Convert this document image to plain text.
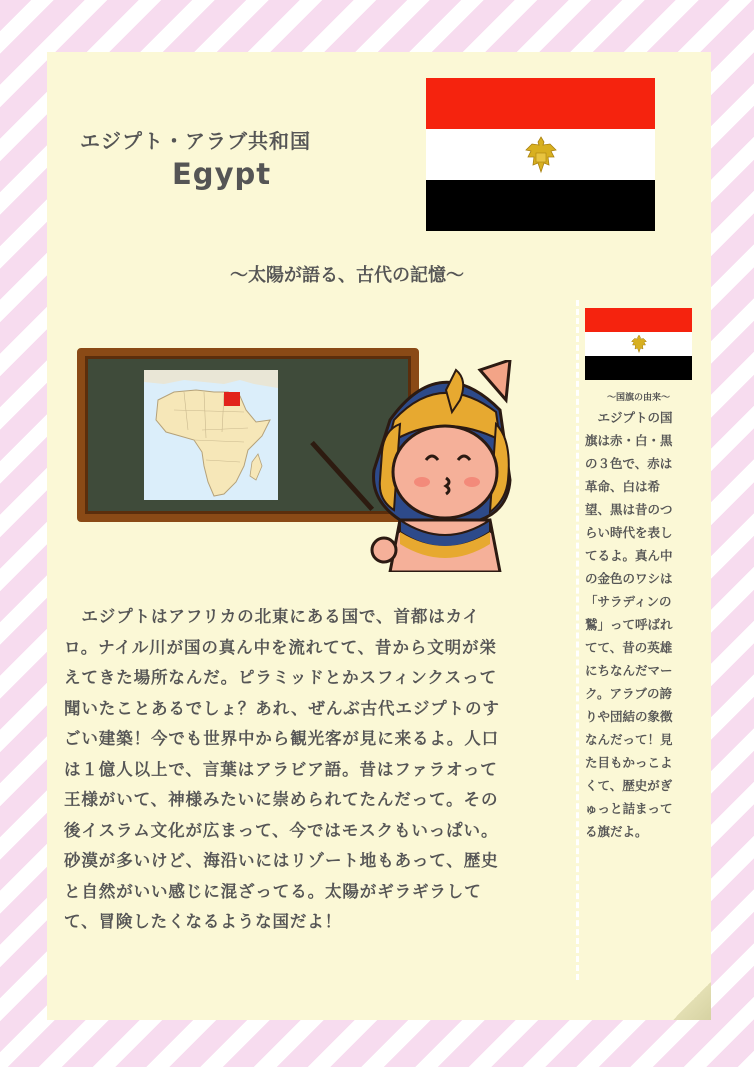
エジプト・アラブ共和国
Egypt
～太陽が語る、古代の記憶～
～国旗の由来～
　エジプトの国
旗は赤・白・黒
の３色で、赤は
革命、白は希
望、黒は昔のつ
らい時代を表し
てるよ。真ん中
の金色のワシは
「サラディンの
鷲」って呼ばれ
てて、昔の英雄
にちなんだマー
ク。アラブの誇
りや団結の象徴
なんだって！見
た目もかっこよ
くて、歴史がぎ
ゅっと詰まって
る旗だよ。
　エジプトはアフリカの北東にある国で、首都はカイ
ロ。ナイル川が国の真ん中を流れてて、昔から文明が栄
えてきた場所なんだ。ピラミッドとかスフィンクスって
聞いたことあるでしょ？あれ、ぜんぶ古代エジプトのす
ごい建築！今でも世界中から観光客が見に来るよ。人口
は１億人以上で、言葉はアラビア語。昔はファラオって
王様がいて、神様みたいに崇められてたんだって。その
後イスラム文化が広まって、今ではモスクもいっぱい。
砂漠が多いけど、海沿いにはリゾート地もあって、歴史
と自然がいい感じに混ざってる。太陽がギラギラして
て、冒険したくなるような国だよ！
